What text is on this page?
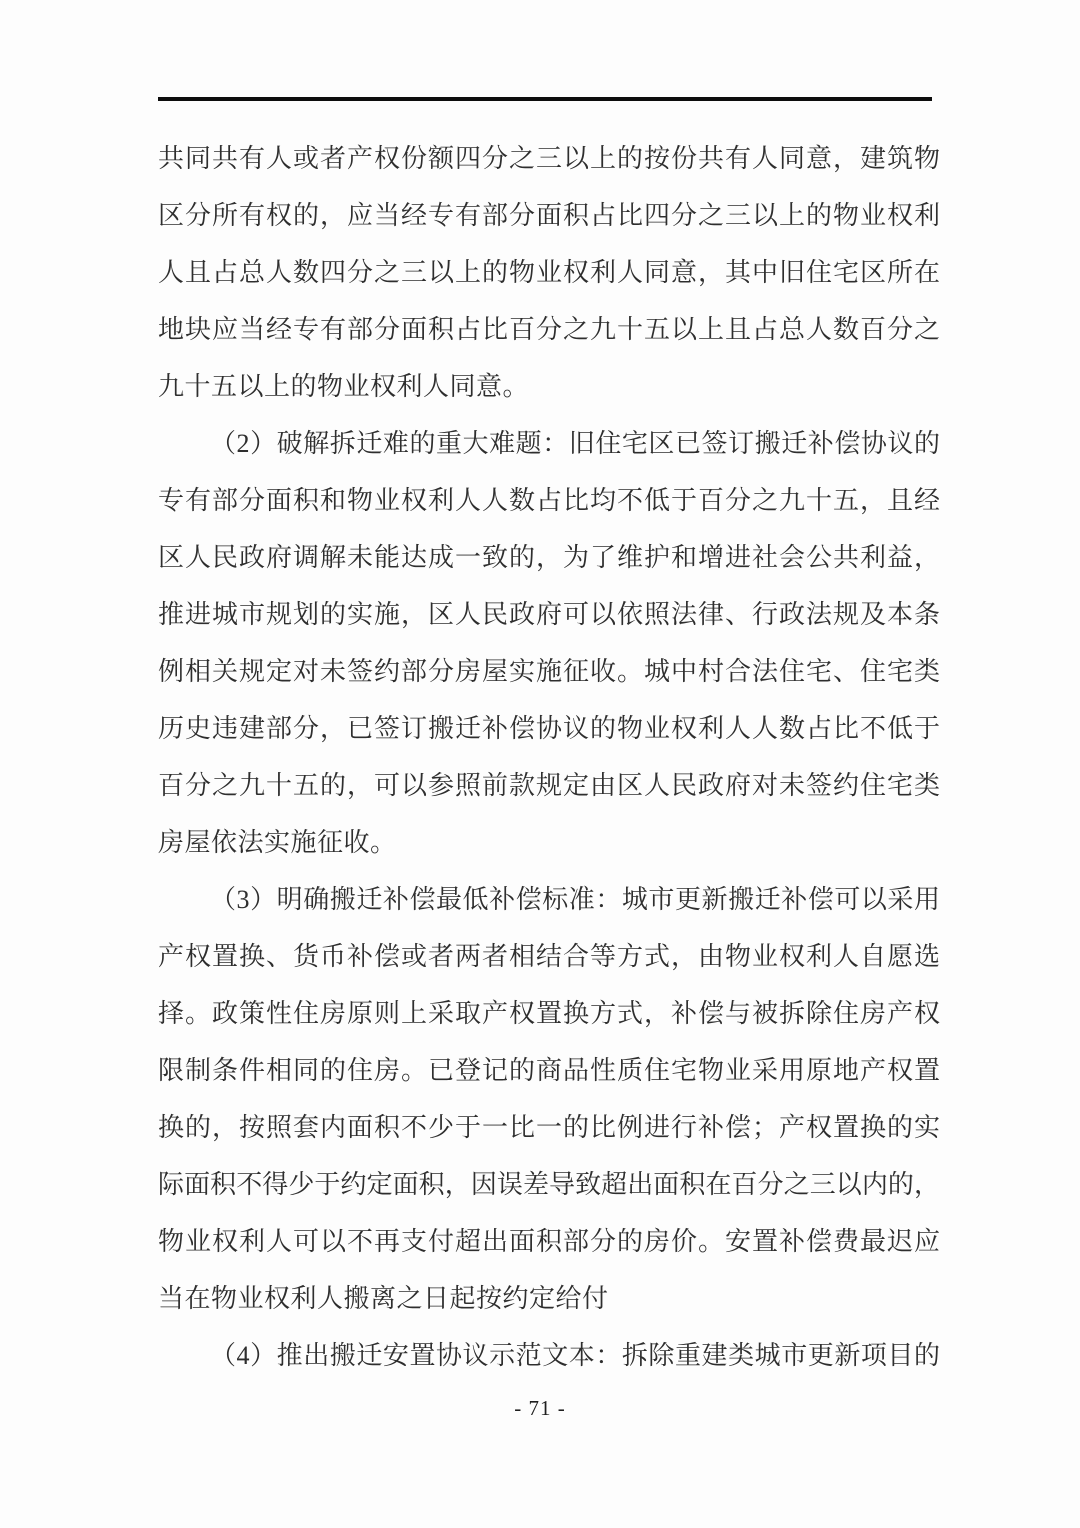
共同共有人或者产权份额四分之三以上的按份共有人同意，建筑物
区分所有权的，应当经专有部分面积占比四分之三以上的物业权利
人且占总人数四分之三以上的物业权利人同意，其中旧住宅区所在
地块应当经专有部分面积占比百分之九十五以上且占总人数百分之
九十五以上的物业权利人同意。
（2）破解拆迁难的重大难题：旧住宅区已签订搬迁补偿协议的
专有部分面积和物业权利人人数占比均不低于百分之九十五，且经
区人民政府调解未能达成一致的，为了维护和增进社会公共利益，
推进城市规划的实施，区人民政府可以依照法律、行政法规及本条
例相关规定对未签约部分房屋实施征收。城中村合法住宅、住宅类
历史违建部分，已签订搬迁补偿协议的物业权利人人数占比不低于
百分之九十五的，可以参照前款规定由区人民政府对未签约住宅类
房屋依法实施征收。
（3）明确搬迁补偿最低补偿标准：城市更新搬迁补偿可以采用
产权置换、货币补偿或者两者相结合等方式，由物业权利人自愿选
择。政策性住房原则上采取产权置换方式，补偿与被拆除住房产权
限制条件相同的住房。已登记的商品性质住宅物业采用原地产权置
换的，按照套内面积不少于一比一的比例进行补偿；产权置换的实
际面积不得少于约定面积，因误差导致超出面积在百分之三以内的，
物业权利人可以不再支付超出面积部分的房价。安置补偿费最迟应
当在物业权利人搬离之日起按约定给付
（4）推出搬迁安置协议示范文本：拆除重建类城市更新项目的
- 71 -
